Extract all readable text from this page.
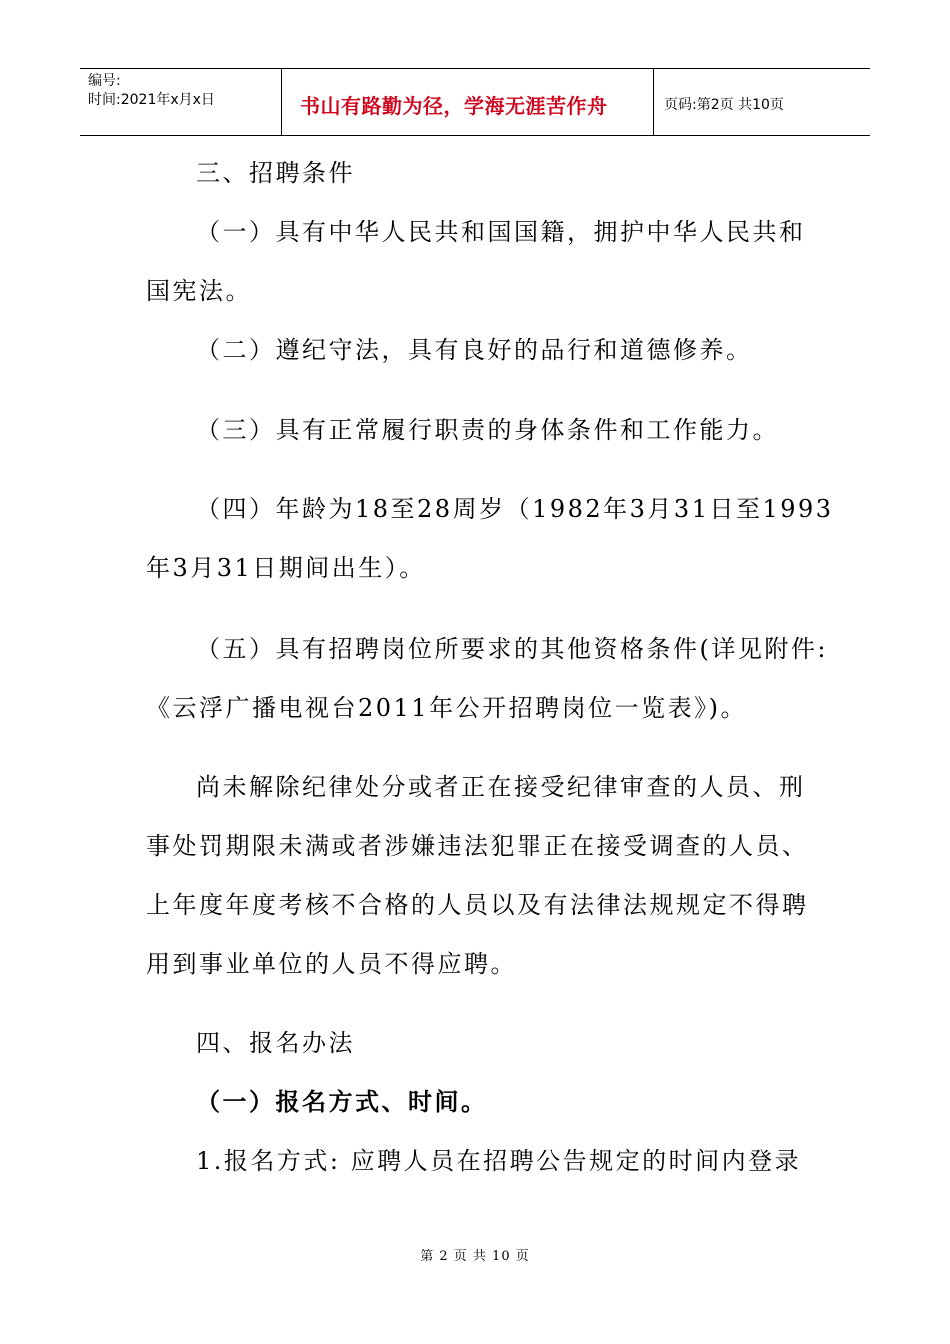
编号:
时间:2021年x月x日	书山有路勤为径，学海无涯苦作舟	页码:第2页 共10页
三、招聘条件
（一）具有中华人民共和国国籍，拥护中华人民共和
国宪法。
（二）遵纪守法，具有良好的品行和道德修养。
（三）具有正常履行职责的身体条件和工作能力。
（四）年龄为18至28周岁（1982年3月31日至1993
年3月31日期间出生）。
（五）具有招聘岗位所要求的其他资格条件(详见附件:
《云浮广播电视台2011年公开招聘岗位一览表》)。
尚未解除纪律处分或者正在接受纪律审查的人员、刑
事处罚期限未满或者涉嫌违法犯罪正在接受调查的人员、
上年度年度考核不合格的人员以及有法律法规规定不得聘
用到事业单位的人员不得应聘。
四、报名办法
（一）报名方式、时间。
1.报名方式: 应聘人员在招聘公告规定的时间内登录
第 2 页 共 10 页
